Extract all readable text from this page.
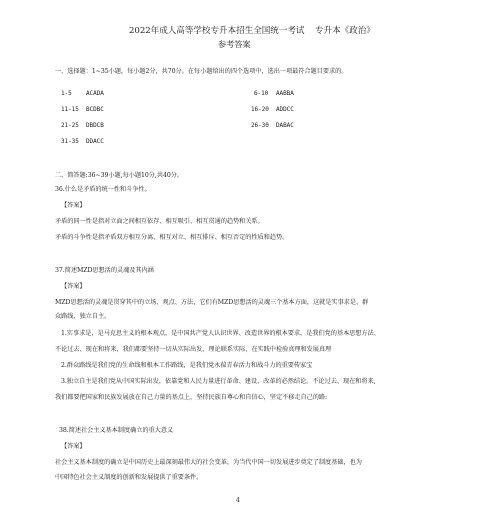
2022年成人高等学校专升本招生全国统一考试 专升本《政治》
参考答案
一、选择题：1~35小题，每小题2分，共70分。在每小题给出的四个选项中，选出一项最符合题目要求的。
1-5 ACADA	6-10 AABBA
11-15 BCDBC	16-20 ADDCC
21-25 DBDCB	26-30 DABAC
31-35 DDACC
二、简答题:36~39小题,每小题10分,共40分。
36.什么是矛盾的统一性和斗争性。
【答案】
矛盾的同一性是指对立面之间相互依存、相互吸引、相互贯通的趋势和关系。
矛盾的斗争性是指矛盾双方相互分离、相互对立、相互排斥、相互否定的性质和趋势。
37.简述MZD思想活的灵魂及其内涵
【答案】
MZD思想活的灵魂是贯穿其中的立场、观点、方法，它们有MZD思想活的灵魂三个基本方面，这就是实事求是、群
众路线、独立自主。
1.实事求是，是马克思主义的根本观点，是中国共产党人认识世界、改造世界的根本要求，是我们党的基本思想方法、
不论过去、现在和将来，我们都要坚持一切从实际出发，理论联系实际，在实践中检验真理和发展真理
2.群众路线是我们党的生命线和根本工作路线，是我们党永葆青春活力和战斗力的重要传家宝
3.独立自主是我们党从中国实际出发，依靠党和人民力量进行革命、建设、改革的必然结论。不论过去、现在和将来,
我们都要把国家和民族发展放在自己力量的基点上，坚持民族自尊心和自信心，坚定不移走自己的路:
38.简述社会主义基本制度确立的重大意义
【答案】
社会主义基本制度的确立是中国历史上最深刻最伟大的社会变革，为当代中国一切发展进步奠定了制度基础，也为
中国特色社会主义制度的创新和发展提供了重要条件。
4
